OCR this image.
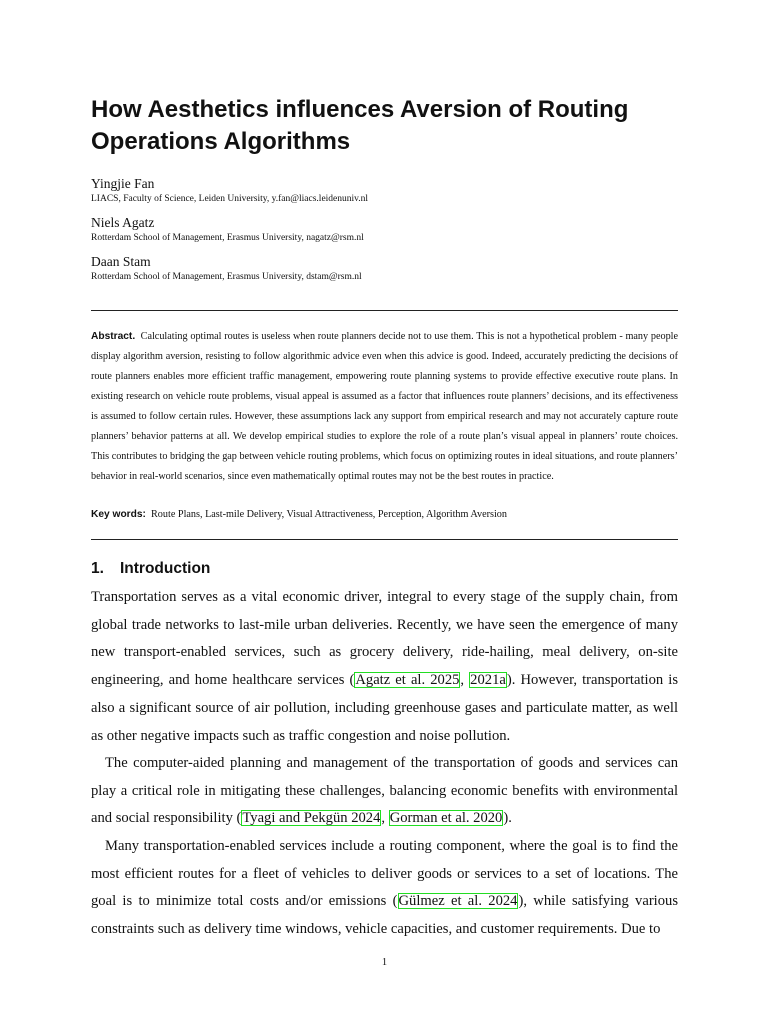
How Aesthetics influences Aversion of Routing Operations Algorithms
Yingjie Fan
LIACS, Faculty of Science, Leiden University, y.fan@liacs.leidenuniv.nl
Niels Agatz
Rotterdam School of Management, Erasmus University, nagatz@rsm.nl
Daan Stam
Rotterdam School of Management, Erasmus University, dstam@rsm.nl

Abstract. Calculating optimal routes is useless when route planners decide not to use them. This is not a hypothetical problem - many people display algorithm aversion, resisting to follow algorithmic advice even when this advice is good. Indeed, accurately predicting the decisions of route planners enables more efficient traffic management, empowering route planning systems to provide effective executive route plans. In existing research on vehicle route problems, visual appeal is assumed as a factor that influences route planners’ decisions, and its effectiveness is assumed to follow certain rules. However, these assumptions lack any support from empirical research and may not accurately capture route planners’ behavior patterns at all. We develop empirical studies to explore the role of a route plan’s visual appeal in planners’ route choices. This contributes to bridging the gap between vehicle routing problems, which focus on optimizing routes in ideal situations, and route planners’ behavior in real-world scenarios, since even mathematically optimal routes may not be the best routes in practice.

Key words: Route Plans, Last-mile Delivery, Visual Attractiveness, Perception, Algorithm Aversion
1. Introduction

Transportation serves as a vital economic driver, integral to every stage of the supply chain, from global trade networks to last-mile urban deliveries. Recently, we have seen the emergence of many new transport-enabled services, such as grocery delivery, ride-hailing, meal delivery, on-site engineering, and home healthcare services (Agatz et al. 2025, 2021a). However, transportation is also a significant source of air pollution, including greenhouse gases and particulate matter, as well as other negative impacts such as traffic congestion and noise pollution.

The computer-aided planning and management of the transportation of goods and services can play a critical role in mitigating these challenges, balancing economic benefits with environmental and social responsibility (Tyagi and Pekgün 2024, Gorman et al. 2020).

Many transportation-enabled services include a routing component, where the goal is to find the most efficient routes for a fleet of vehicles to deliver goods or services to a set of locations. The goal is to minimize total costs and/or emissions (Gülmez et al. 2024), while satisfying various constraints such as delivery time windows, vehicle capacities, and customer requirements. Due to

1
